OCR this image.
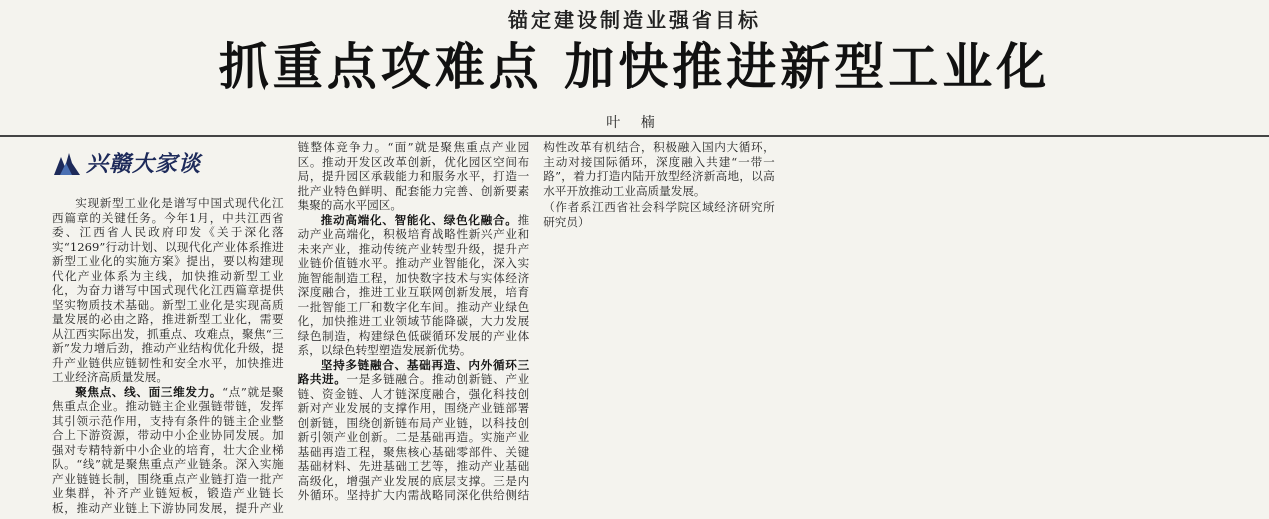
锚定建设制造业强省目标
抓重点攻难点 加快推进新型工业化
叶 楠
兴赣大家谈

实现新型工业化是谱写中国式现代化江西篇章的关键任务。今年1月，中共江西省委、江西省人民政府印发《关于深化落实“1269”行动计划、以现代化产业体系推进新型工业化的实施方案》提出，要以构建现代化产业体系为主线，加快推动新型工业化，为奋力谱写中国式现代化江西篇章提供坚实物质技术基础。新型工业化是实现高质量发展的必由之路，推进新型工业化，需要从江西实际出发，抓重点、攻难点，聚焦“三新”发力增后劲，推动产业结构优化升级，提升产业链供应链韧性和安全水平，加快推进工业经济高质量发展。

聚焦点、线、面三维发力。“点”就是聚焦重点企业。推动链主企业强链带链，发挥其引领示范作用，支持有条件的链主企业整合上下游资源，带动中小企业协同发展。加强对专精特新中小企业的培育，壮大企业梯队。“线”就是聚焦重点产业链条。深入实施产业链链长制，围绕重点产业链打造一批产业集群，补齐产业链短板，锻造产业链长板，推动产业链上下游协同发展，提升产业链整体竞争力。“面”就是聚焦重点产业园区。推动开发区改革创新，优化园区空间布局，提升园区承载能力和服务水平，打造一批产业特色鲜明、配套能力完善、创新要素集聚的高水平园区。

推动高端化、智能化、绿色化融合。推动产业高端化，积极培育战略性新兴产业和未来产业，推动传统产业转型升级，提升产业链价值链水平。推动产业智能化，深入实施智能制造工程，加快数字技术与实体经济深度融合，推进工业互联网创新发展，培育一批智能工厂和数字化车间。推动产业绿色化，加快推进工业领域节能降碳，大力发展绿色制造，构建绿色低碳循环发展的产业体系，以绿色转型塑造发展新优势。

坚持多链融合、基础再造、内外循环三路共进。一是多链融合。推动创新链、产业链、资金链、人才链深度融合，强化科技创新对产业发展的支撑作用，围绕产业链部署创新链，围绕创新链布局产业链，以科技创新引领产业创新。二是基础再造。实施产业基础再造工程，聚焦核心基础零部件、关键基础材料、先进基础工艺等，推动产业基础高级化，增强产业发展的底层支撑。三是内外循环。坚持扩大内需战略同深化供给侧结构性改革有机结合，积极融入国内大循环，主动对接国际循环，深度融入共建“一带一路”，着力打造内陆开放型经济新高地，以高水平开放推动工业高质量发展。

（作者系江西省社会科学院区域经济研究所研究员）
